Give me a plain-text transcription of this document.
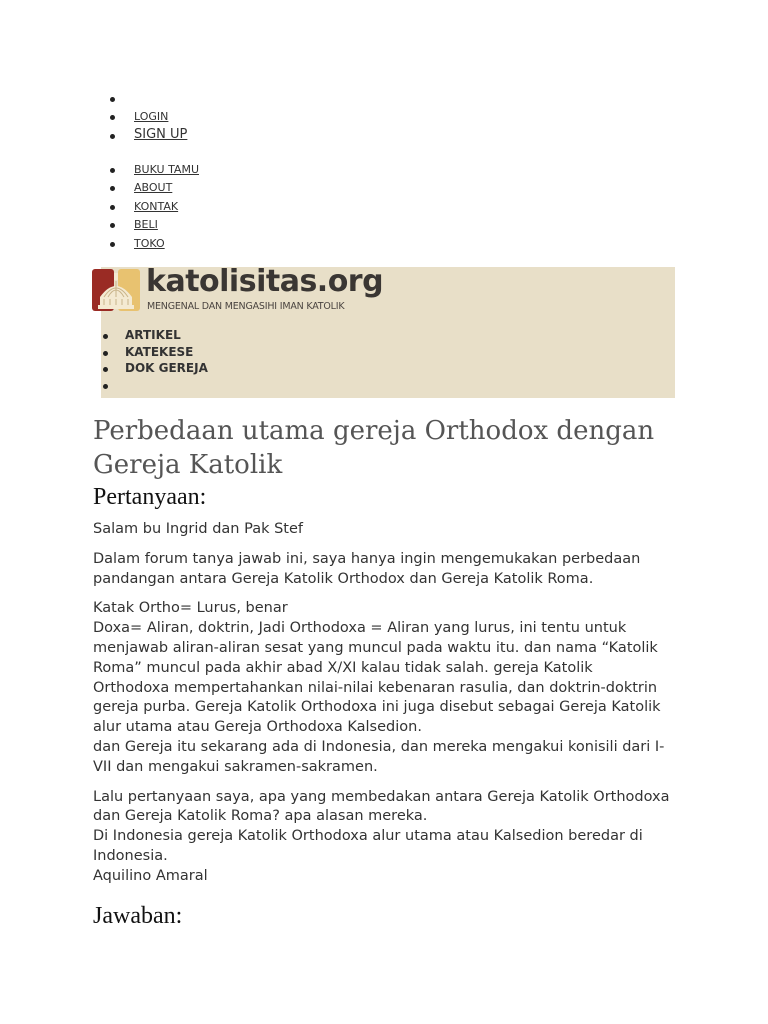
LOGIN
SIGN UP
BUKU TAMU
ABOUT
KONTAK
BELI
TOKO
katolisitas.org
MENGENAL DAN MENGASIHI IMAN KATOLIK
ARTIKEL
KATEKESE
DOK GEREJA
Perbedaan utama gereja Orthodox dengan Gereja Katolik
Pertanyaan:

Salam bu Ingrid dan Pak Stef

Dalam forum tanya jawab ini, saya hanya ingin mengemukakan perbedaan pandangan antara Gereja Katolik Orthodox dan Gereja Katolik Roma.

Katak Ortho= Lurus, benar
Doxa= Aliran, doktrin, Jadi Orthodoxa = Aliran yang lurus, ini tentu untuk menjawab aliran-aliran sesat yang muncul pada waktu itu. dan nama “Katolik Roma” muncul pada akhir abad X/XI kalau tidak salah. gereja Katolik Orthodoxa mempertahankan nilai-nilai kebenaran rasulia, dan doktrin-doktrin gereja purba. Gereja Katolik Orthodoxa ini juga disebut sebagai Gereja Katolik alur utama atau Gereja Orthodoxa Kalsedion.
dan Gereja itu sekarang ada di Indonesia, dan mereka mengakui konisili dari I-VII dan mengakui sakramen-sakramen.

Lalu pertanyaan saya, apa yang membedakan antara Gereja Katolik Orthodoxa dan Gereja Katolik Roma? apa alasan mereka.
Di Indonesia gereja Katolik Orthodoxa alur utama atau Kalsedion beredar di Indonesia.
Aquilino Amaral

Jawaban:
